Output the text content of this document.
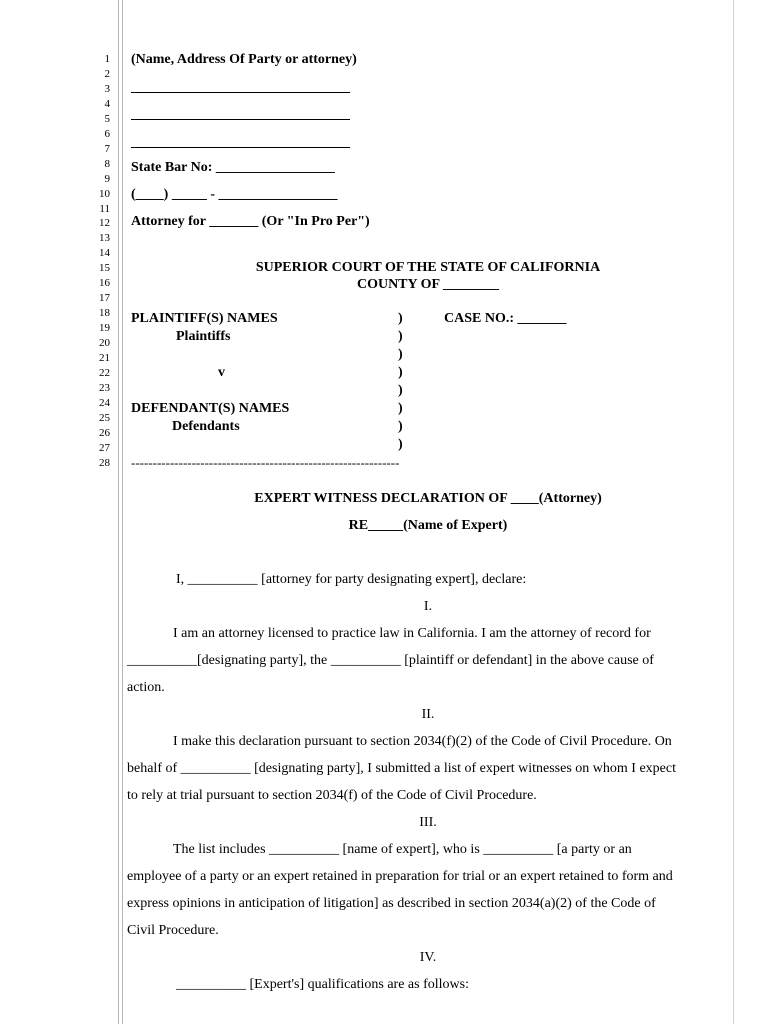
1
2
3
4
5
6
7
8
9
10
11
12
13
14
15
16
17
18
19
20
21
22
23
24
25
26
27
28
(Name, Address Of Party or attorney)
State Bar No: _________________
(____) _____ - _________________
Attorney for _______ (Or "In Pro Per")
SUPERIOR COURT OF THE STATE OF CALIFORNIA
COUNTY OF ________
PLAINTIFF(S) NAMES
Plaintiffs
v
DEFENDANT(S) NAMES
Defendants
CASE NO.: _______
)
)
)
)
)
)
)
)
--------------------------------------------------------------
EXPERT WITNESS DECLARATION OF ____(Attorney)
RE_____(Name of Expert)
I, __________ [attorney for party designating expert], declare:
I.
I am an attorney licensed to practice law in California. I am the attorney of record for
__________[designating party], the __________ [plaintiff or defendant] in the above cause of
action.
II.
I make this declaration pursuant to section 2034(f)(2) of the Code of Civil Procedure. On
behalf of __________ [designating party], I submitted a list of expert witnesses on whom I expect
to rely at trial pursuant to section 2034(f) of the Code of Civil Procedure.
III.
The list includes __________ [name of expert], who is __________ [a party or an
employee of a party or an expert retained in preparation for trial or an expert retained to form and
express opinions in anticipation of litigation] as described in section 2034(a)(2) of the Code of
Civil Procedure.
IV.
__________ [Expert's] qualifications are as follows:
